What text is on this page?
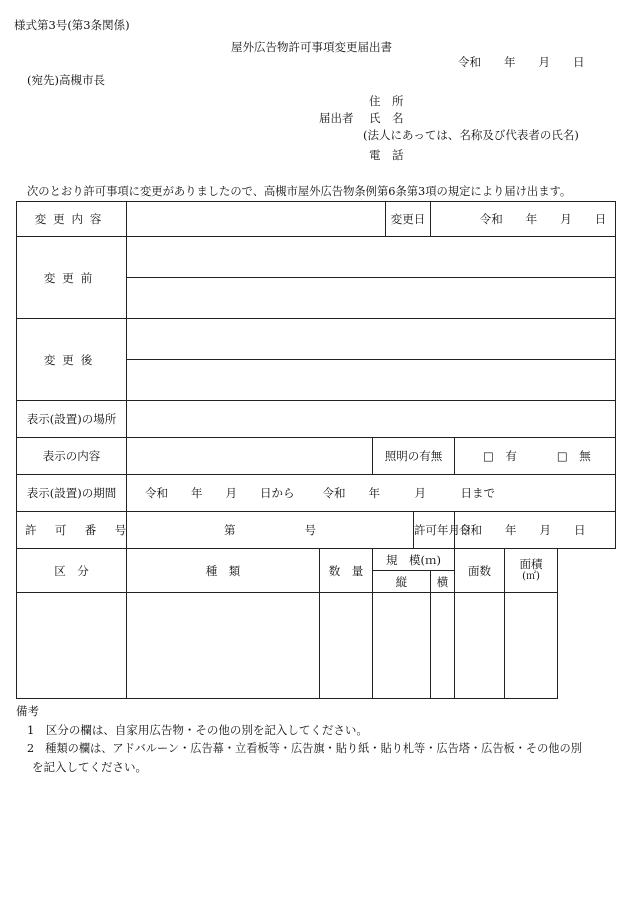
様式第3号(第3条関係)
屋外広告物許可事項変更届出書
令和　　年　　月　　日
(宛先)高槻市長
住　所
届出者 氏　名
(法人にあっては、名称及び代表者の氏名)
電　話
次のとおり許可事項に変更がありましたので、高槻市屋外広告物条例第6条第3項の規定により届け出ます。
変更内容				変更日		令和　　年　　月　　日		
変更前								

変更後								

表示(設置)の場所								
表示の内容			照明の有無				□　有 □　無	
表示(設置)の期間	令和　　年　　月　　日から 令和　　年　　　月　　　日まで							
許可番号	第　　　　　　号				許可年月日		令和　　年　　月　　日	
区　分	種　類	数　量	規　模(ｍ)				面数	面積
(㎡)

			縦			横		

備考
1　区分の欄は、自家用広告物・その他の別を記入してください。
2　種類の欄は、アドバルーン・広告幕・立看板等・広告旗・貼り紙・貼り札等・広告塔・広告板・その他の別
を記入してください。
